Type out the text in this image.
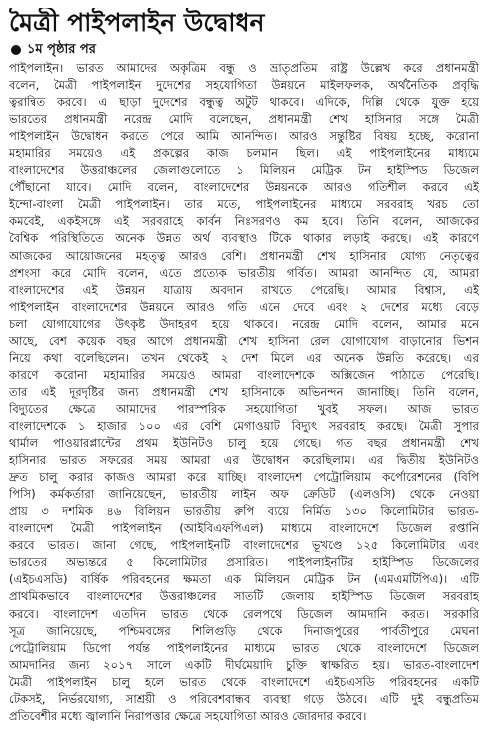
মৈত্রী পাইপলাইন উদ্বোধন
১ম পৃষ্ঠার পর
পাইপলাইন। ভারত আমাদের অকৃত্রিম বন্ধু ও ভ্রাতৃপ্রতিম রাষ্ট্র উল্লেখ করে প্রধানমন্ত্রী
বলেন, মৈত্রী পাইপলাইন দুদেশের সহযোগিতা উন্নয়নে মাইলফলক, অর্থনৈতিক প্রবৃদ্ধি
ত্বরান্বিত করবে। এ ছাড়া দুদেশের বন্ধুত্ব অটুট থাকবে। এদিকে, দিল্লি থেকে যুক্ত হয়ে
ভারতের প্রধানমন্ত্রী নরেন্দ্র মোদি বলেছেন, প্রধানমন্ত্রী শেখ হাসিনার সঙ্গে মৈত্রী
পাইপলাইন উদ্বোধন করতে পেরে আমি আনন্দিত। আরও সন্তুষ্টির বিষয় হচ্ছে, করোনা
মহামারির সময়েও এই প্রকল্পের কাজ চলমান ছিল। এই পাইপলাইনের মাধ্যমে
বাংলাদেশের উত্তরাঞ্চলের জেলাগুলোতে ১ মিলিয়ন মেট্রিক টন হাইস্পিড ডিজেল
পৌঁছানো যাবে। মোদি বলেন, বাংলাদেশের উন্নয়নকে আরও গতিশীল করবে এই
ইন্দো-বাংলা মৈত্রী পাইপলাইন। তার মতে, পাইপলাইনের মাধ্যমে সরবরাহ খরচ তো
কমবেই, একইসঙ্গে এই সরবরাহে কার্বন নিঃসরণও কম হবে। তিনি বলেন, আজকের
বৈশ্বিক পরিস্থিতিতে অনেক উন্নত অর্থ ব্যবস্থাও টিকে থাকার লড়াই করছে। এই কারণে
আজকের আয়োজনের মহত্ত্ব আরও বেশি। প্রধানমন্ত্রী শেখ হাসিনার যোগ্য নেতৃত্বের
প্রশংসা করে মোদি বলেন, এতে প্রত্যেক ভারতীয় গর্বিত। আমরা আনন্দিত যে, আমরা
বাংলাদেশের এই উন্নয়ন যাত্রায় অবদান রাখতে পেরেছি। আমার বিশ্বাস, এই
পাইপলাইন বাংলাদেশের উন্নয়নে আরও গতি এনে দেবে এবং ২ দেশের মধ্যে বেড়ে
চলা যোগাযোগের উৎকৃষ্ট উদাহরণ হয়ে থাকবে। নরেন্দ্র মোদি বলেন, আমার মনে
আছে, বেশ কয়েক বছর আগে প্রধানমন্ত্রী শেখ হাসিনা রেল যোগাযোগ বাড়ানোর ভিশন
নিয়ে কথা বলেছিলেন। তখন থেকেই ২ দেশ মিলে এর অনেক উন্নতি করেছে। এর
কারণে করোনা মহামারির সময়েও আমরা বাংলাদেশকে অক্সিজেন পাঠাতে পেরেছি।
তার এই দূরদৃষ্টির জন্য প্রধানমন্ত্রী শেখ হাসিনাকে অভিনন্দন জানাচ্ছি। তিনি বলেন,
বিদ্যুতের ক্ষেত্রে আমাদের পারস্পরিক সহযোগিতা খুবই সফল। আজ ভারত
বাংলাদেশকে ১ হাজার ১০০ এর বেশি মেগাওয়াট বিদ্যুৎ সরবরাহ করছে। মৈত্রী সুপার
থার্মাল পাওয়ারপ্লান্টের প্রথম ইউনিটও চালু হয়ে গেছে। গত বছর প্রধানমন্ত্রী শেখ
হাসিনার ভারত সফরের সময় আমরা এর উদ্বোধন করেছিলাম। এর দ্বিতীয় ইউনিটও
দ্রুত চালু করার কাজও আমরা করে যাচ্ছি। বাংলাদেশ পেট্রোলিয়াম কর্পোরেশনের (বিপি
পিসি) কর্মকর্তারা জানিয়েছেন, ভারতীয় লাইন অফ ক্রেডিট (এলওসি) থেকে নেওয়া
প্রায় ৩ দশমিক ৪৬ বিলিয়ন ভারতীয় রুপি ব্যয়ে নির্মিত ১৩০ কিলোমিটার ভারত-
বাংলাদেশ মৈত্রী পাইপলাইন (আইবিএফপিএল) মাধ্যমে বাংলাদেশে ডিজেল রপ্তানি
করবে ভারত। জানা গেছে, পাইপলাইনটি বাংলাদেশের ভূখণ্ডে ১২৫ কিলোমিটার এবং
ভারতের অভ্যন্তরে ৫ কিলোমিটার প্রসারিত। পাইপলাইনটির হাইস্পিড ডিজেলের
(এইচএসডি) বার্ষিক পরিবহনের ক্ষমতা এক মিলিয়ন মেট্রিক টন (এমএমটিপিএ)। এটি
প্রাথমিকভাবে বাংলাদেশের উত্তরাঞ্চলের সাতটি জেলায় হাইস্পিড ডিজেল সরবরাহ
করবে। বাংলাদেশ এতদিন ভারত থেকে রেলপথে ডিজেল আমদানি করত। সরকারি
সূত্র জানিয়েছে, পশ্চিমবঙ্গের শিলিগুড়ি থেকে দিনাজপুরের পার্বতীপুরে মেঘনা
পেট্রোলিয়াম ডিপো পর্যন্ত পাইপলাইনের মাধ্যমে ভারত থেকে বাংলাদেশে ডিজেল
আমদানির জন্য ২০১৭ সালে একটি দীর্ঘমেয়াদি চুক্তি স্বাক্ষরিত হয়। ভারত-বাংলাদেশ
মৈত্রী পাইপলাইন চালু হলে ভারত থেকে বাংলাদেশে এইচএসডি পরিবহনের একটি
টেকসই, নির্ভরযোগ্য, সাশ্রয়ী ও পরিবেশবান্ধব ব্যবস্থা গড়ে উঠবে। এটি দুই বন্ধুপ্রতিম
প্রতিবেশীর মধ্যে জ্বালানি নিরাপত্তার ক্ষেত্রে সহযোগিতা আরও জোরদার করবে।
